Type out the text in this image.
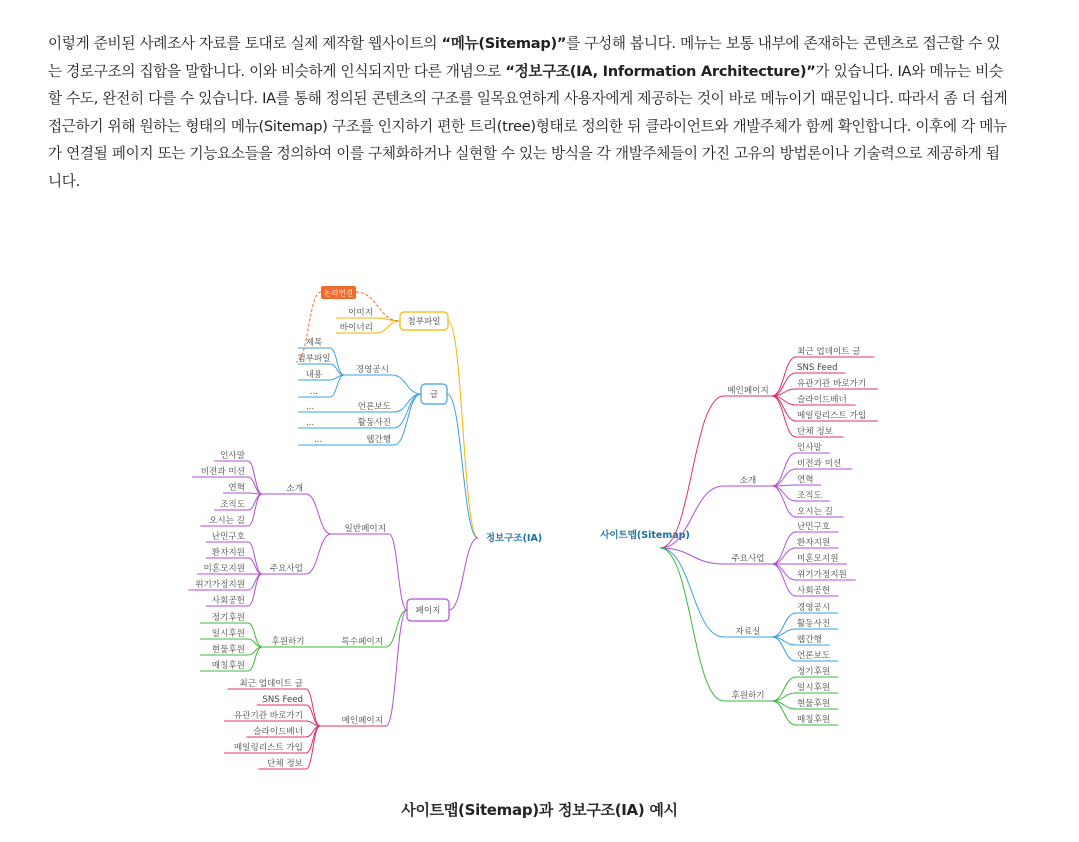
이렇게 준비된 사례조사 자료를 토대로 실제 제작할 웹사이트의 “메뉴(Sitemap)”를 구성해 봅니다. 메뉴는 보통 내부에 존재하는 콘텐츠로 접근할 수 있는 경로구조의 집합을 말합니다. 이와 비슷하게 인식되지만 다른 개념으로 “정보구조(IA, Information Architecture)”가 있습니다. IA와 메뉴는 비슷할 수도, 완전히 다를 수 있습니다. IA를 통해 정의된 콘텐츠의 구조를 일목요연하게 사용자에게 제공하는 것이 바로 메뉴이기 때문입니다. 따라서 좀 더 쉽게 접근하기 위해 원하는 형태의 메뉴(Sitemap) 구조를 인지하기 편한 트리(tree)형태로 정의한 뒤 클라이언트와 개발주체가 함께 확인합니다. 이후에 각 메뉴가 연결될 페이지 또는 기능요소들을 정의하여 이를 구체화하거나 실현할 수 있는 방식을 각 개발주체들이 가진 고유의 방법론이나 기술력으로 제공하게 됩니다.

정보구조(IA)
첨부파일
이미지
바이너리
논리연결
글
경영공시
제목
첨부파일
내용
...
언론보도
...
활동사진
...
웹간행
...
페이지
일반페이지
소개
인사말
비전과 미션
연혁
조직도
오시는 길
주요사업
난민구호
환자지원
미혼모지원
위기가정지원
사회공헌
특수페이지
후원하기
정기후원
일시후원
현물후원
매칭후원
메인페이지
최근 업데이트 글
SNS Feed
유관기관 바로가기
슬라이드배너
메일링리스트 가입
단체 정보
사이트맵(Sitemap)
메인페이지
최근 업데이트 글
SNS Feed
유관기관 바로가기
슬라이드배너
메일링리스트 가입
단체 정보
소개
인사말
비전과 미션
연혁
조직도
오시는 길
주요사업
난민구호
환자지원
미혼모지원
위기가정지원
사회공헌
자료실
경영공시
활동사진
웹간행
언론보도
후원하기
정기후원
일시후원
현물후원
매칭후원

사이트맵(Sitemap)과 정보구조(IA) 예시
